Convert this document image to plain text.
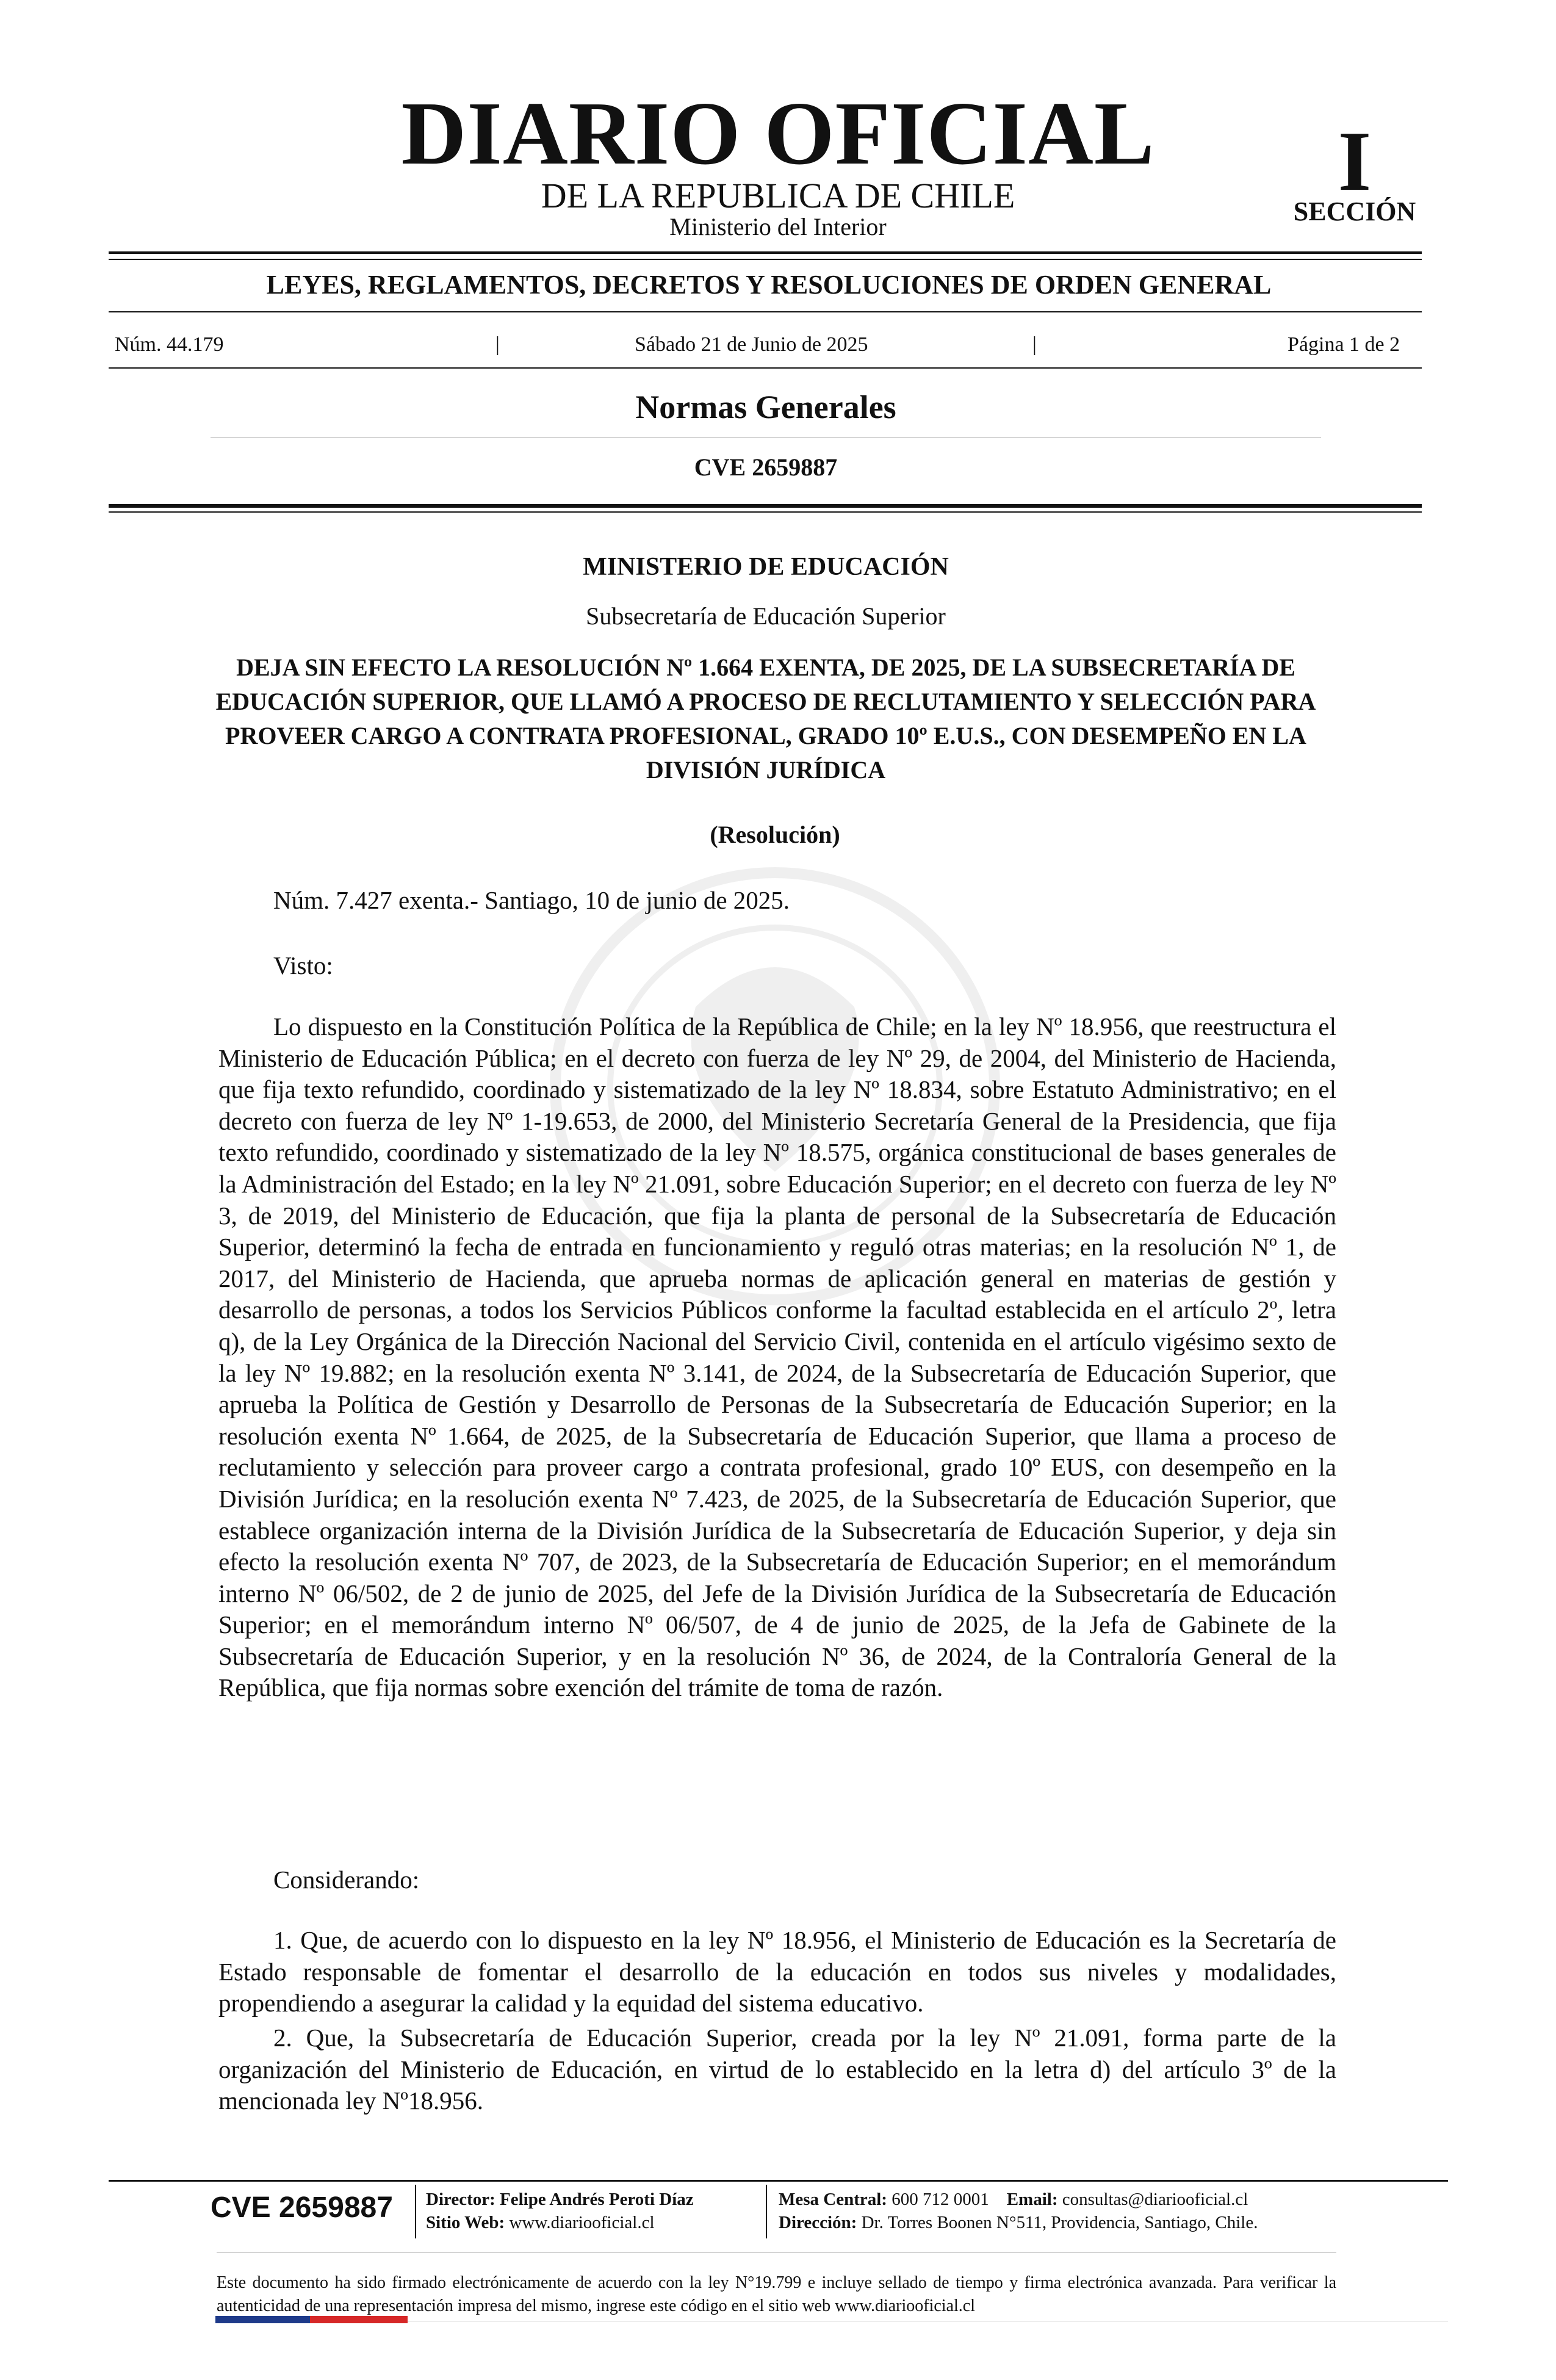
DIARIO OFICIAL
DE LA REPUBLICA DE CHILE
Ministerio del Interior
I
SECCIÓN
LEYES, REGLAMENTOS, DECRETOS Y RESOLUCIONES DE ORDEN GENERAL
Núm. 44.179	|	Sábado 21 de Junio de 2025	|	Página 1 de 2
Normas Generales
CVE 2659887
MINISTERIO DE EDUCACIÓN
Subsecretaría de Educación Superior
DEJA SIN EFECTO LA RESOLUCIÓN Nº 1.664 EXENTA, DE 2025, DE LA SUBSECRETARÍA DE EDUCACIÓN SUPERIOR, QUE LLAMÓ A PROCESO DE RECLUTAMIENTO Y SELECCIÓN PARA PROVEER CARGO A CONTRATA PROFESIONAL, GRADO 10º E.U.S., CON DESEMPEÑO EN LA DIVISIÓN JURÍDICA
(Resolución)
Núm. 7.427 exenta.- Santiago, 10 de junio de 2025.
Visto:

Lo dispuesto en la Constitución Política de la República de Chile; en la ley Nº 18.956, que reestructura el Ministerio de Educación Pública; en el decreto con fuerza de ley Nº 29, de 2004, del Ministerio de Hacienda, que fija texto refundido, coordinado y sistematizado de la ley Nº 18.834, sobre Estatuto Administrativo; en el decreto con fuerza de ley Nº 1-19.653, de 2000, del Ministerio Secretaría General de la Presidencia, que fija texto refundido, coordinado y sistematizado de la ley Nº 18.575, orgánica constitucional de bases generales de la Administración del Estado; en la ley Nº 21.091, sobre Educación Superior; en el decreto con fuerza de ley Nº 3, de 2019, del Ministerio de Educación, que fija la planta de personal de la Subsecretaría de Educación Superior, determinó la fecha de entrada en funcionamiento y reguló otras materias; en la resolución Nº 1, de 2017, del Ministerio de Hacienda, que aprueba normas de aplicación general en materias de gestión y desarrollo de personas, a todos los Servicios Públicos conforme la facultad establecida en el artículo 2º, letra q), de la Ley Orgánica de la Dirección Nacional del Servicio Civil, contenida en el artículo vigésimo sexto de la ley Nº 19.882; en la resolución exenta Nº 3.141, de 2024, de la Subsecretaría de Educación Superior, que aprueba la Política de Gestión y Desarrollo de Personas de la Subsecretaría de Educación Superior; en la resolución exenta Nº 1.664, de 2025, de la Subsecretaría de Educación Superior, que llama a proceso de reclutamiento y selección para proveer cargo a contrata profesional, grado 10º EUS, con desempeño en la División Jurídica; en la resolución exenta Nº 7.423, de 2025, de la Subsecretaría de Educación Superior, que establece organización interna de la División Jurídica de la Subsecretaría de Educación Superior, y deja sin efecto la resolución exenta Nº 707, de 2023, de la Subsecretaría de Educación Superior; en el memorándum interno Nº 06/502, de 2 de junio de 2025, del Jefe de la División Jurídica de la Subsecretaría de Educación Superior; en el memorándum interno Nº 06/507, de 4 de junio de 2025, de la Jefa de Gabinete de la Subsecretaría de Educación Superior, y en la resolución Nº 36, de 2024, de la Contraloría General de la República, que fija normas sobre exención del trámite de toma de razón.

Considerando:

1. Que, de acuerdo con lo dispuesto en la ley Nº 18.956, el Ministerio de Educación es la Secretaría de Estado responsable de fomentar el desarrollo de la educación en todos sus niveles y modalidades, propendiendo a asegurar la calidad y la equidad del sistema educativo.

2. Que, la Subsecretaría de Educación Superior, creada por la ley Nº 21.091, forma parte de la organización del Ministerio de Educación, en virtud de lo establecido en la letra d) del artículo 3º de la mencionada ley Nº18.956.

CVE 2659887 Director: Felipe Andrés Peroti Díaz
Sitio Web: www.diariooficial.cl
Mesa Central: 600 712 0001 Email: consultas@diariooficial.cl
Dirección: Dr. Torres Boonen N°511, Providencia, Santiago, Chile.
Este documento ha sido firmado electrónicamente de acuerdo con la ley N°19.799 e incluye sellado de tiempo y firma electrónica avanzada. Para verificar la autenticidad de una representación impresa del mismo, ingrese este código en el sitio web www.diariooficial.cl
